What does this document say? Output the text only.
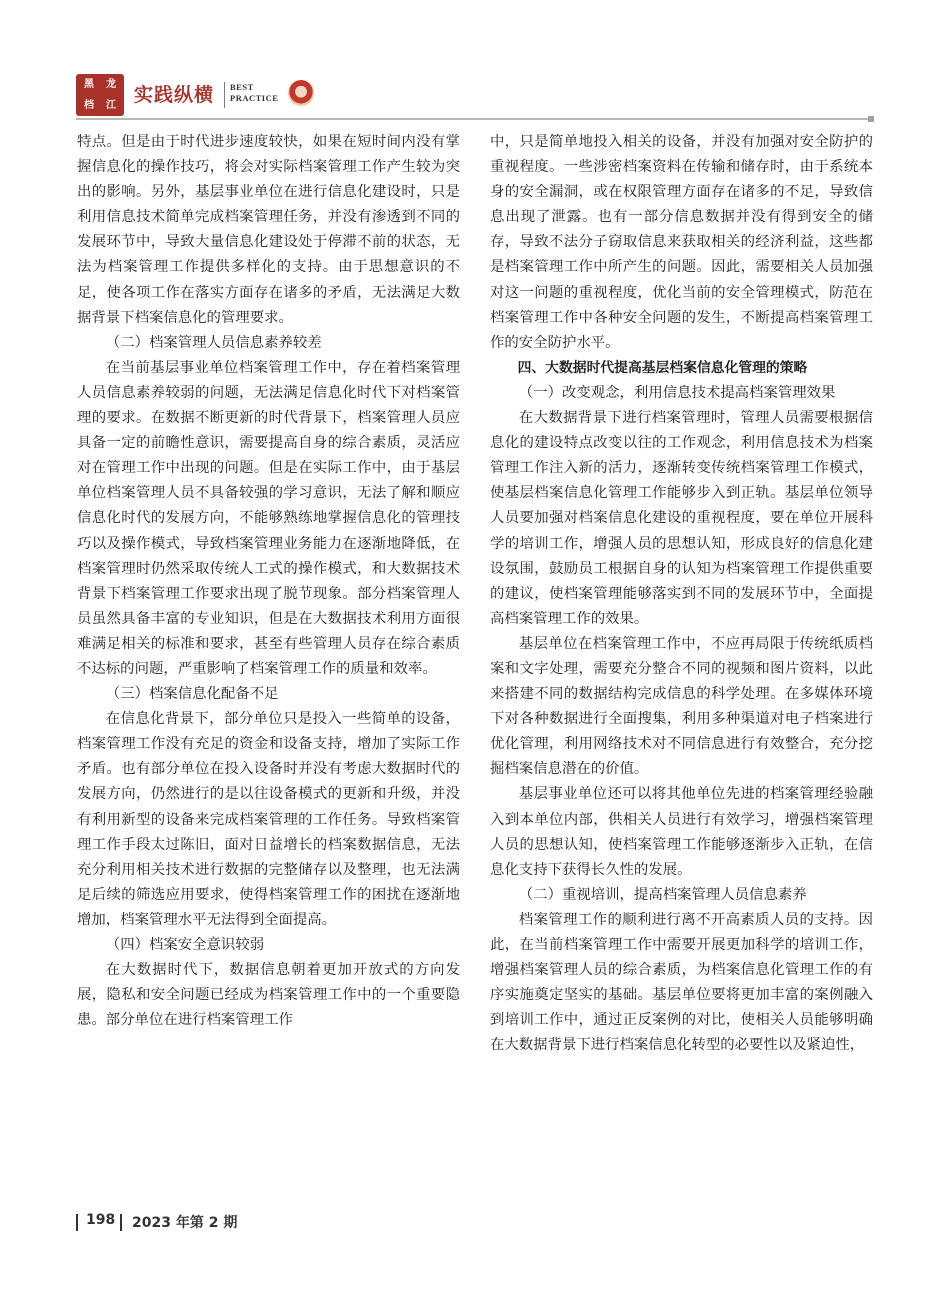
黑	龙
档	江 实践纵横 BEST
PRACTICE

特点。但是由于时代进步速度较快，如果在短时间内没有掌握信息化的操作技巧，将会对实际档案管理工作产生较为突出的影响。另外，基层事业单位在进行信息化建设时，只是利用信息技术简单完成档案管理任务，并没有渗透到不同的发展环节中，导致大量信息化建设处于停滞不前的状态，无法为档案管理工作提供多样化的支持。由于思想意识的不足，使各项工作在落实方面存在诸多的矛盾，无法满足大数据背景下档案信息化的管理要求。

（二）档案管理人员信息素养较差

在当前基层事业单位档案管理工作中，存在着档案管理人员信息素养较弱的问题，无法满足信息化时代下对档案管理的要求。在数据不断更新的时代背景下，档案管理人员应具备一定的前瞻性意识，需要提高自身的综合素质，灵活应对在管理工作中出现的问题。但是在实际工作中，由于基层单位档案管理人员不具备较强的学习意识，无法了解和顺应信息化时代的发展方向，不能够熟练地掌握信息化的管理技巧以及操作模式，导致档案管理业务能力在逐渐地降低，在档案管理时仍然采取传统人工式的操作模式，和大数据技术背景下档案管理工作要求出现了脱节现象。部分档案管理人员虽然具备丰富的专业知识，但是在大数据技术利用方面很难满足相关的标准和要求，甚至有些管理人员存在综合素质不达标的问题，严重影响了档案管理工作的质量和效率。

（三）档案信息化配备不足

在信息化背景下，部分单位只是投入一些简单的设备，档案管理工作没有充足的资金和设备支持，增加了实际工作矛盾。也有部分单位在投入设备时并没有考虑大数据时代的发展方向，仍然进行的是以往设备模式的更新和升级，并没有利用新型的设备来完成档案管理的工作任务。导致档案管理工作手段太过陈旧，面对日益增长的档案数据信息，无法充分利用相关技术进行数据的完整储存以及整理，也无法满足后续的筛选应用要求，使得档案管理工作的困扰在逐渐地增加，档案管理水平无法得到全面提高。

（四）档案安全意识较弱

在大数据时代下，数据信息朝着更加开放式的方向发展，隐私和安全问题已经成为档案管理工作中的一个重要隐患。部分单位在进行档案管理工作

中，只是简单地投入相关的设备，并没有加强对安全防护的重视程度。一些涉密档案资料在传输和储存时，由于系统本身的安全漏洞，或在权限管理方面存在诸多的不足，导致信息出现了泄露。也有一部分信息数据并没有得到安全的储存，导致不法分子窃取信息来获取相关的经济利益，这些都是档案管理工作中所产生的问题。因此，需要相关人员加强对这一问题的重视程度，优化当前的安全管理模式，防范在档案管理工作中各种安全问题的发生，不断提高档案管理工作的安全防护水平。

四、大数据时代提高基层档案信息化管理的策略

（一）改变观念，利用信息技术提高档案管理效果

在大数据背景下进行档案管理时，管理人员需要根据信息化的建设特点改变以往的工作观念，利用信息技术为档案管理工作注入新的活力，逐渐转变传统档案管理工作模式，使基层档案信息化管理工作能够步入到正轨。基层单位领导人员要加强对档案信息化建设的重视程度，要在单位开展科学的培训工作，增强人员的思想认知，形成良好的信息化建设氛围，鼓励员工根据自身的认知为档案管理工作提供重要的建议，使档案管理能够落实到不同的发展环节中，全面提高档案管理工作的效果。

基层单位在档案管理工作中，不应再局限于传统纸质档案和文字处理，需要充分整合不同的视频和图片资料，以此来搭建不同的数据结构完成信息的科学处理。在多媒体环境下对各种数据进行全面搜集，利用多种渠道对电子档案进行优化管理，利用网络技术对不同信息进行有效整合，充分挖掘档案信息潜在的价值。

基层事业单位还可以将其他单位先进的档案管理经验融入到本单位内部，供相关人员进行有效学习，增强档案管理人员的思想认知，使档案管理工作能够逐渐步入正轨，在信息化支持下获得长久性的发展。

（二）重视培训，提高档案管理人员信息素养

档案管理工作的顺利进行离不开高素质人员的支持。因此，在当前档案管理工作中需要开展更加科学的培训工作，增强档案管理人员的综合素质，为档案信息化管理工作的有序实施奠定坚实的基础。基层单位要将更加丰富的案例融入到培训工作中，通过正反案例的对比，使相关人员能够明确在大数据背景下进行档案信息化转型的必要性以及紧迫性，

198 2023 年第 2 期
